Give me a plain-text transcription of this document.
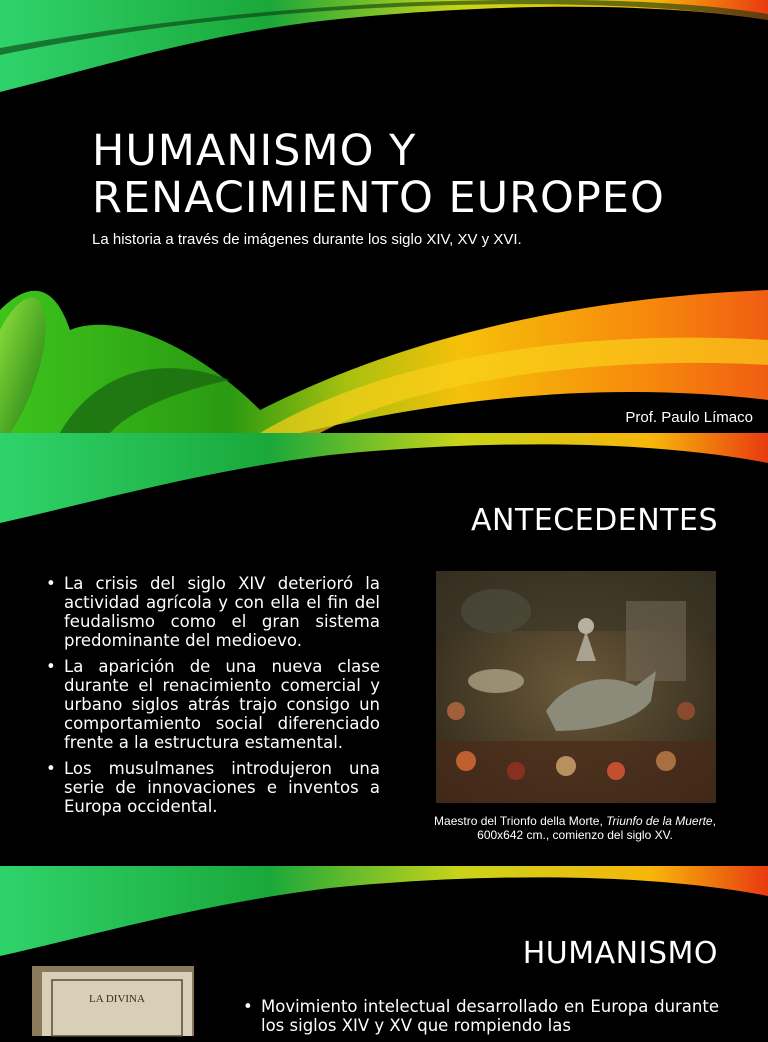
HUMANISMO Y
RENACIMIENTO EUROPEO
La historia a través de imágenes durante los siglo XIV, XV y XVI.
Prof. Paulo Límaco
ANTECEDENTES
• La crisis del siglo XIV deterioró la actividad agrícola y con ella el fin del feudalismo como el gran sistema predominante del medioevo.
• La aparición de una nueva clase durante el renacimiento comercial y urbano siglos atrás trajo consigo un comportamiento social diferenciado frente a la estructura estamental.
• Los musulmanes introdujeron una serie de innovaciones e inventos a Europa occidental.
Maestro del Trionfo della Morte, Triunfo de la Muerte,
600x642 cm., comienzo del siglo XV.
HUMANISMO
LA DIVINA	• Movimiento intelectual desarrollado en Europa durante los siglos XIV y XV que rompiendo las
